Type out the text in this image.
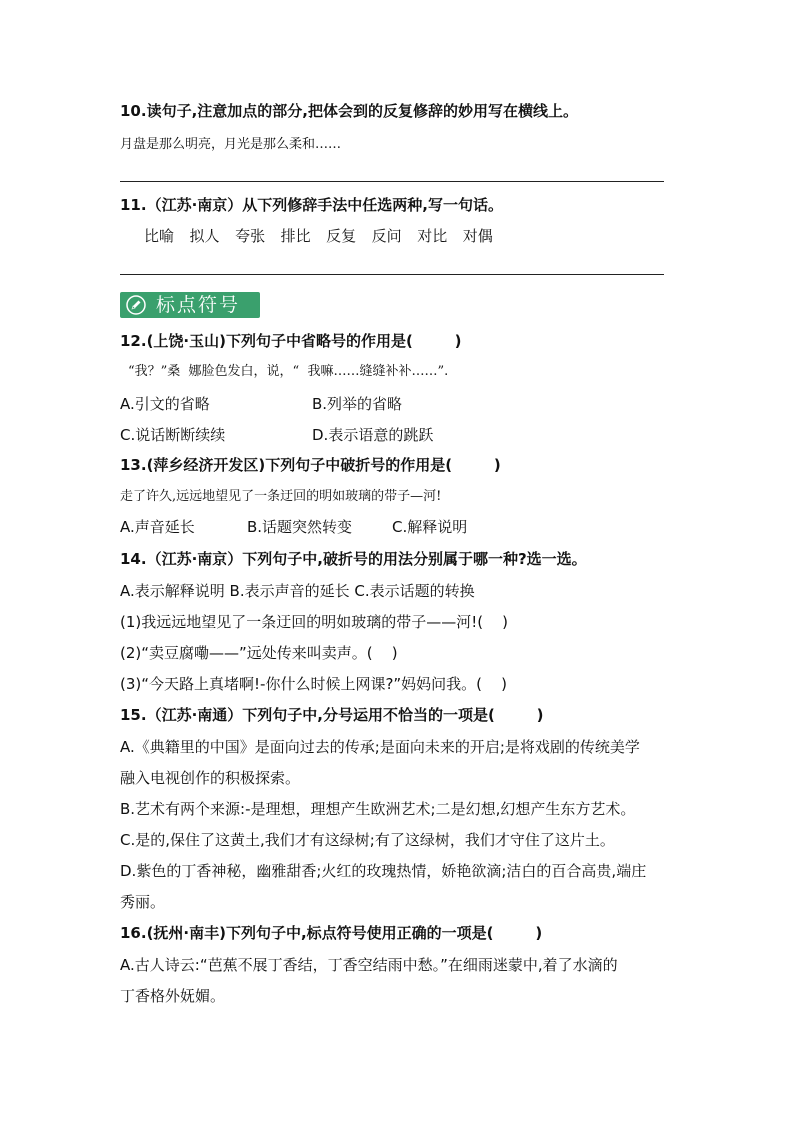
10.读句子,注意加点的部分,把体会到的反复修辞的妙用写在横线上。
月盘是那么明亮，月光是那么柔和……
11.（江苏·南京）从下列修辞手法中任选两种,写一句话。
比喻  拟人  夸张  排比  反复  反问  对比  对偶
标点符号
12.(上饶·玉山)下列句子中省略号的作用是(        )
“我？”桑  娜脸色发白，说，“  我嘛……缝缝补补……”.
A.引文的省略	B.列举的省略
C.说话断断续续	D.表示语意的跳跃
13.(萍乡经济开发区)下列句子中破折号的作用是(        )
走了许久,远远地望见了一条迂回的明如玻璃的带子—河!
A.声音延长	B.话题突然转变	C.解释说明
14.（江苏·南京）下列句子中,破折号的用法分别属于哪一种?选一选。
A.表示解释说明 B.表示声音的延长 C.表示话题的转换
(1)我远远地望见了一条迂回的明如玻璃的带子——河!(    )
(2)“卖豆腐嘞——”远处传来叫卖声。(    )
(3)“今天路上真堵啊!-你什么时候上网课?”妈妈问我。(    )
15.（江苏·南通）下列句子中,分号运用不恰当的一项是(        )
A.《典籍里的中国》是面向过去的传承;是面向未来的开启;是将戏剧的传统美学
融入电视创作的积极探索。
B.艺术有两个来源:-是理想，理想产生欧洲艺术;二是幻想,幻想产生东方艺术。
C.是的,保住了这黄土,我们才有这绿树;有了这绿树，我们才守住了这片土。
D.紫色的丁香神秘，幽雅甜香;火红的玫瑰热情，娇艳欲滴;洁白的百合高贵,端庄
秀丽。
16.(抚州·南丰)下列句子中,标点符号使用正确的一项是(        )
A.古人诗云:“芭蕉不展丁香结，丁香空结雨中愁。”在细雨迷蒙中,着了水滴的
丁香格外妩媚。
